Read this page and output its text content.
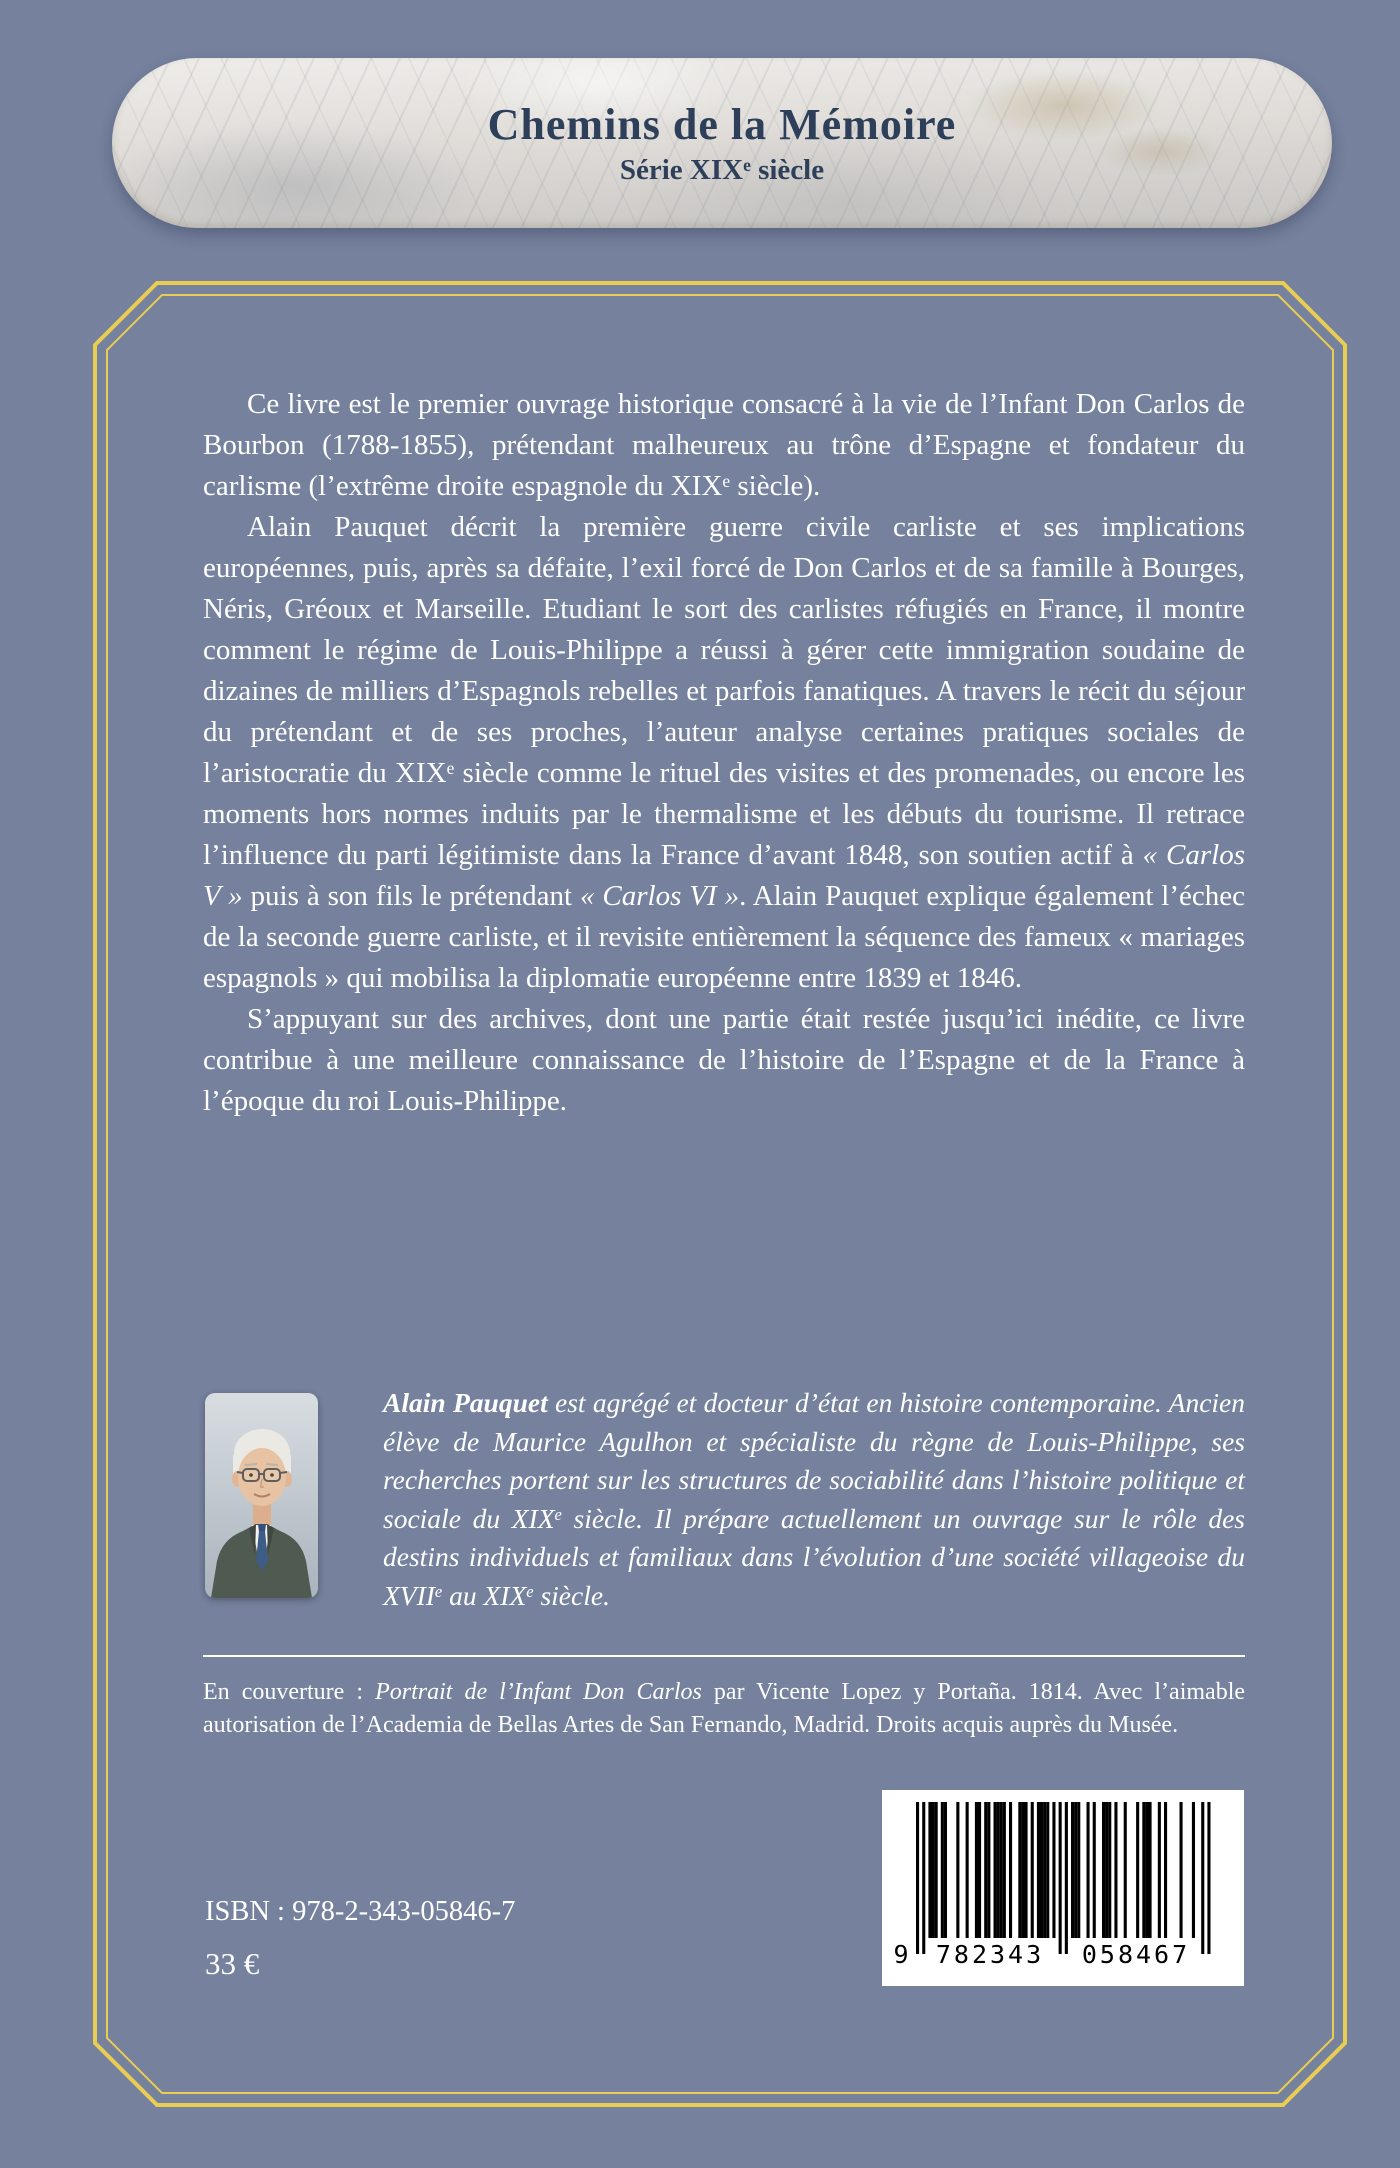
Chemins de la Mémoire
Série XIXe siècle

Ce livre est le premier ouvrage historique consacré à la vie de l’Infant Don Carlos de Bourbon (1788-1855), prétendant malheureux au trône d’Espagne et fondateur du carlisme (l’extrême droite espagnole du XIXe siècle).

Alain Pauquet décrit la première guerre civile carliste et ses implications européennes, puis, après sa défaite, l’exil forcé de Don Carlos et de sa famille à Bourges, Néris, Gréoux et Marseille. Etudiant le sort des carlistes réfugiés en France, il montre comment le régime de Louis-Philippe a réussi à gérer cette immigration soudaine de dizaines de milliers d’Espagnols rebelles et parfois fanatiques. A travers le récit du séjour du prétendant et de ses proches, l’auteur analyse certaines pratiques sociales de l’aristocratie du XIXe siècle comme le rituel des visites et des promenades, ou encore les moments hors normes induits par le thermalisme et les débuts du tourisme. Il retrace l’influence du parti légitimiste dans la France d’avant 1848, son soutien actif à « Carlos V » puis à son fils le prétendant « Carlos VI ». Alain Pauquet explique également l’échec de la seconde guerre carliste, et il revisite entièrement la séquence des fameux « mariages espagnols » qui mobilisa la diplomatie européenne entre 1839 et 1846.

S’appuyant sur des archives, dont une partie était restée jusqu’ici inédite, ce livre contribue à une meilleure connaissance de l’histoire de l’Espagne et de la France à l’époque du roi Louis-Philippe.

Alain Pauquet est agrégé et docteur d’état en histoire contemporaine. Ancien élève de Maurice Agulhon et spécialiste du règne de Louis-Philippe, ses recherches portent sur les structures de sociabilité dans l’histoire politique et sociale du XIXe siècle. Il prépare actuellement un ouvrage sur le rôle des destins individuels et familiaux dans l’évolution d’une société villageoise du XVIIe au XIXe siècle.
En couverture : Portrait de l’Infant Don Carlos par Vicente Lopez y Portaña. 1814. Avec l’aimable autorisation de l’Academia de Bellas Artes de San Fernando, Madrid. Droits acquis auprès du Musée.
9	782343	058467
ISBN : 978-2-343-05846-7
33 €
